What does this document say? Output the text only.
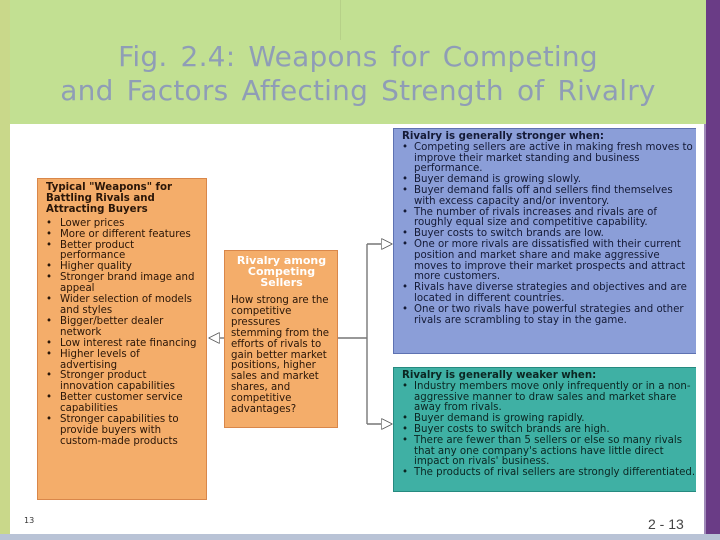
Fig. 2.4: Weapons for Competing
and Factors Affecting Strength of Rivalry
Typical "Weapons" for Battling Rivals and Attracting Buyers
• Lower prices
• More or different features
• Better product performance
• Higher quality
• Stronger brand image and appeal
• Wider selection of models and styles
• Bigger/better dealer network
• Low interest rate financing
• Higher levels of advertising
• Stronger product innovation capabilities
• Better customer service capabilities
• Stronger capabilities to provide buyers with custom-made products
Rivalry among Competing Sellers
How strong are the competitive pressures stemming from the efforts of rivals to gain better market positions, higher sales and market shares, and competitive advantages?
Rivalry is generally stronger when:
• Competing sellers are active in making fresh moves to improve their market standing and business performance.
• Buyer demand is growing slowly.
• Buyer demand falls off and sellers find themselves with excess capacity and/or inventory.
• The number of rivals increases and rivals are of roughly equal size and competitive capability.
• Buyer costs to switch brands are low.
• One or more rivals are dissatisfied with their current position and market share and make aggressive moves to improve their market prospects and attract more customers.
• Rivals have diverse strategies and objectives and are located in different countries.
• One or two rivals have powerful strategies and other rivals are scrambling to stay in the game.
Rivalry is generally weaker when:
• Industry members move only infrequently or in a non-aggressive manner to draw sales and market share away from rivals.
• Buyer demand is growing rapidly.
• Buyer costs to switch brands are high.
• There are fewer than 5 sellers or else so many rivals that any one company's actions have little direct impact on rivals' business.
• The products of rival sellers are strongly differentiated.
13	2 - 13
